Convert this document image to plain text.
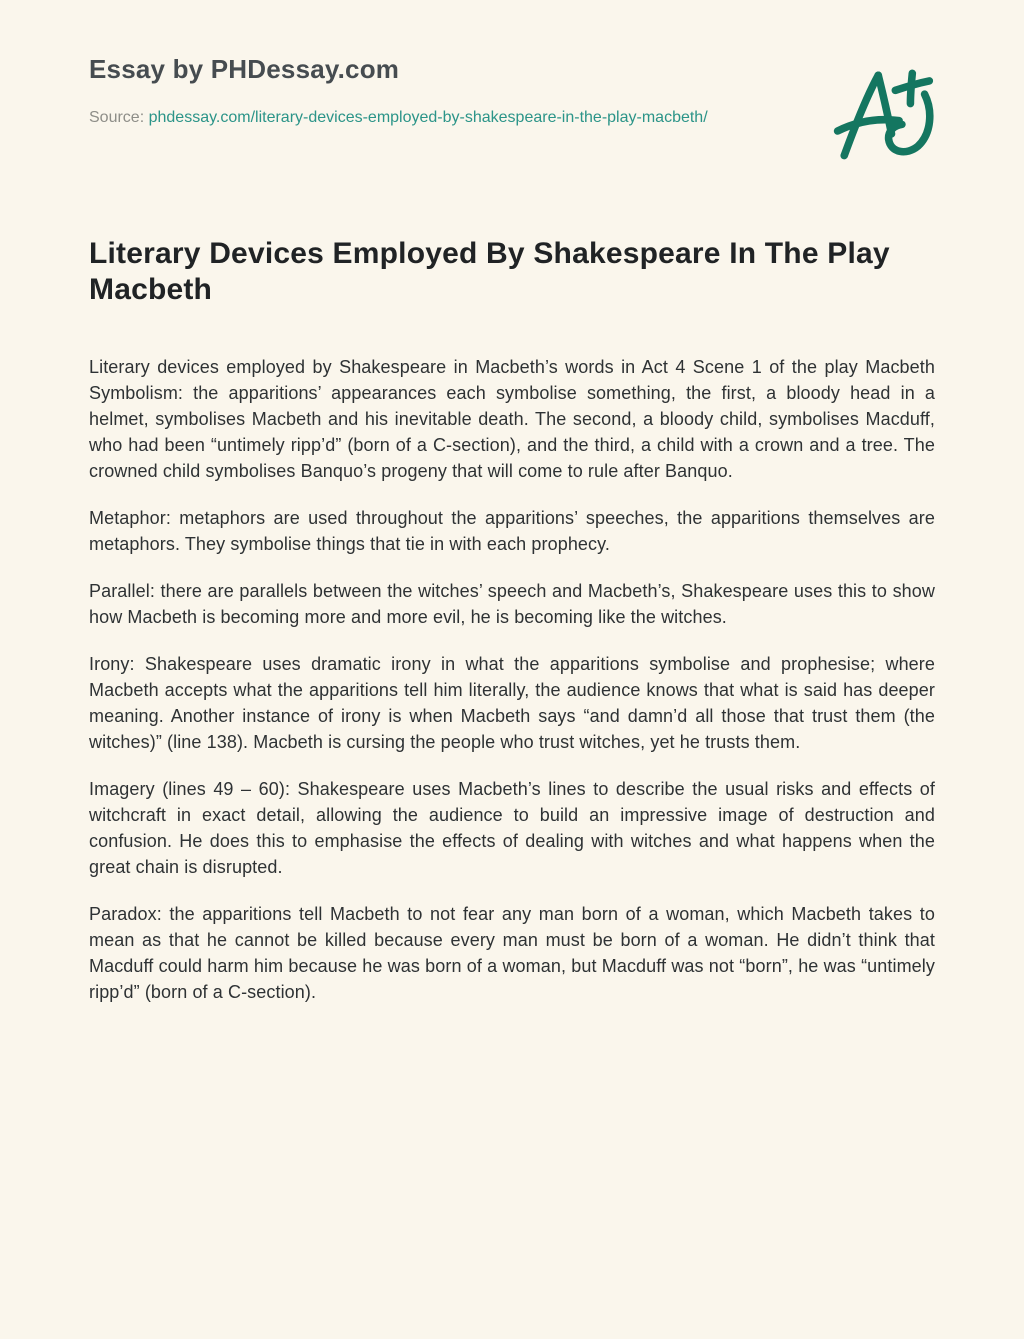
Essay by PHDessay.com
Source: phdessay.com/literary-devices-employed-by-shakespeare-in-the-play-macbeth/
Literary Devices Employed By Shakespeare In The Play Macbeth

Literary devices employed by Shakespeare in Macbeth’s words in Act 4 Scene 1 of the play Macbeth Symbolism: the apparitions’ appearances each symbolise something, the first, a bloody head in a helmet, symbolises Macbeth and his inevitable death. The second, a bloody child, symbolises Macduff, who had been “untimely ripp’d” (born of a C-section), and the third, a child with a crown and a tree. The crowned child symbolises Banquo’s progeny that will come to rule after Banquo.

Metaphor: metaphors are used throughout the apparitions’ speeches, the apparitions themselves are metaphors. They symbolise things that tie in with each prophecy.

Parallel: there are parallels between the witches’ speech and Macbeth’s, Shakespeare uses this to show how Macbeth is becoming more and more evil, he is becoming like the witches.

Irony: Shakespeare uses dramatic irony in what the apparitions symbolise and prophesise; where Macbeth accepts what the apparitions tell him literally, the audience knows that what is said has deeper meaning. Another instance of irony is when Macbeth says “and damn’d all those that trust them (the witches)” (line 138). Macbeth is cursing the people who trust witches, yet he trusts them.

Imagery (lines 49 – 60): Shakespeare uses Macbeth’s lines to describe the usual risks and effects of witchcraft in exact detail, allowing the audience to build an impressive image of destruction and confusion. He does this to emphasise the effects of dealing with witches and what happens when the great chain is disrupted.

Paradox: the apparitions tell Macbeth to not fear any man born of a woman, which Macbeth takes to mean as that he cannot be killed because every man must be born of a woman. He didn’t think that Macduff could harm him because he was born of a woman, but Macduff was not “born”, he was “untimely ripp’d” (born of a C-section).
